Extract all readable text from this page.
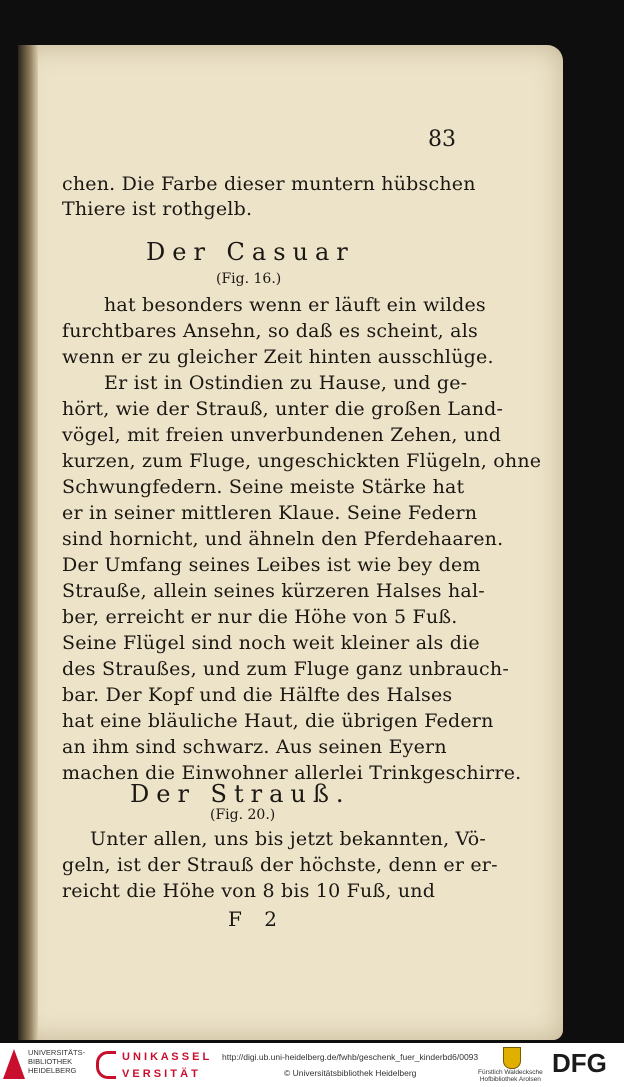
83
chen. Die Farbe dieser muntern hübschen
Thiere ist rothgelb.
Der Casuar
(Fig. 16.)
hat besonders wenn er läuft ein wildes
furchtbares Ansehn, so daß es scheint, als
wenn er zu gleicher Zeit hinten ausschlüge.
Er ist in Ostindien zu Hause, und ge-
hört, wie der Strauß, unter die großen Land-
vögel, mit freien unverbundenen Zehen, und
kurzen, zum Fluge, ungeschickten Flügeln, ohne
Schwungfedern. Seine meiste Stärke hat
er in seiner mittleren Klaue. Seine Federn
sind hornicht, und ähneln den Pferdehaaren.
Der Umfang seines Leibes ist wie bey dem
Strauße, allein seines kürzeren Halses hal-
ber, erreicht er nur die Höhe von 5 Fuß.
Seine Flügel sind noch weit kleiner als die
des Straußes, und zum Fluge ganz unbrauch-
bar. Der Kopf und die Hälfte des Halses
hat eine bläuliche Haut, die übrigen Federn
an ihm sind schwarz. Aus seinen Eyern
machen die Einwohner allerlei Trinkgeschirre.
Der Strauß.
(Fig. 20.)
Unter allen, uns bis jetzt bekannten, Vö-
geln, ist der Strauß der höchste, denn er er-
reicht die Höhe von 8 bis 10 Fuß, und
F 2
UNIVERSITÄTS-
BIBLIOTHEK
HEIDELBERG
U N I K A S S E L
V E R S I T Ä T
http://digi.ub.uni-heidelberg.de/fwhb/geschenk_fuer_kinderbd6/0093
© Universitätsbibliothek Heidelberg	Fürstlich Waldecksche
Hofbibliothek Arolsen
DFG
